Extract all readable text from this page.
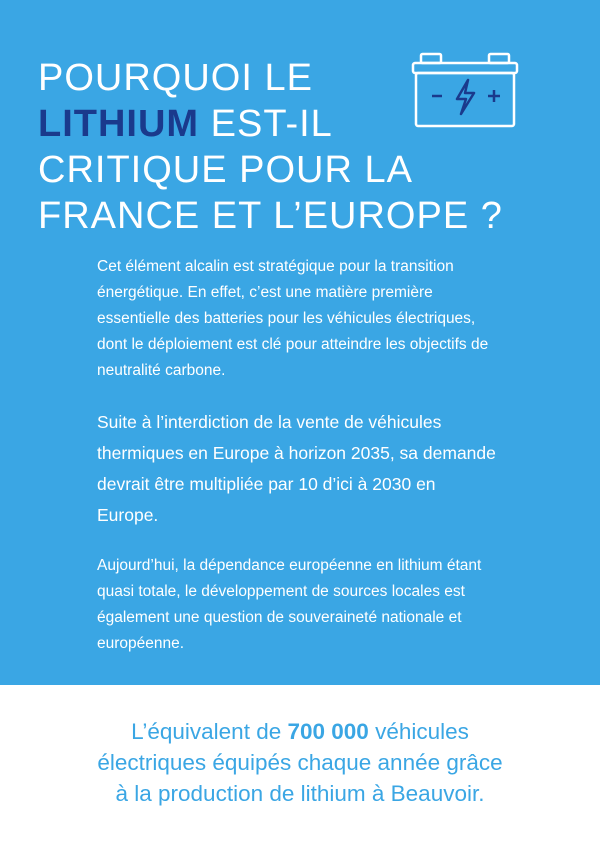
POURQUOI LE
LITHIUM EST-IL
CRITIQUE POUR LA
FRANCE ET L’EUROPE ?

Cet élément alcalin est stratégique pour la transition énergétique. En effet, c’est une matière première essentielle des batteries pour les véhicules électriques, dont le déploiement est clé pour atteindre les objectifs de neutralité carbone.

Suite à l’interdiction de la vente de véhicules thermiques en Europe à horizon 2035, sa demande devrait être multipliée par 10 d’ici à 2030 en Europe.

Aujourd’hui, la dépendance européenne en lithium étant quasi totale, le développement de sources locales est également une question de souveraineté nationale et européenne.

L’équivalent de 700 000 véhicules
électriques équipés chaque année grâce
à la production de lithium à Beauvoir.
